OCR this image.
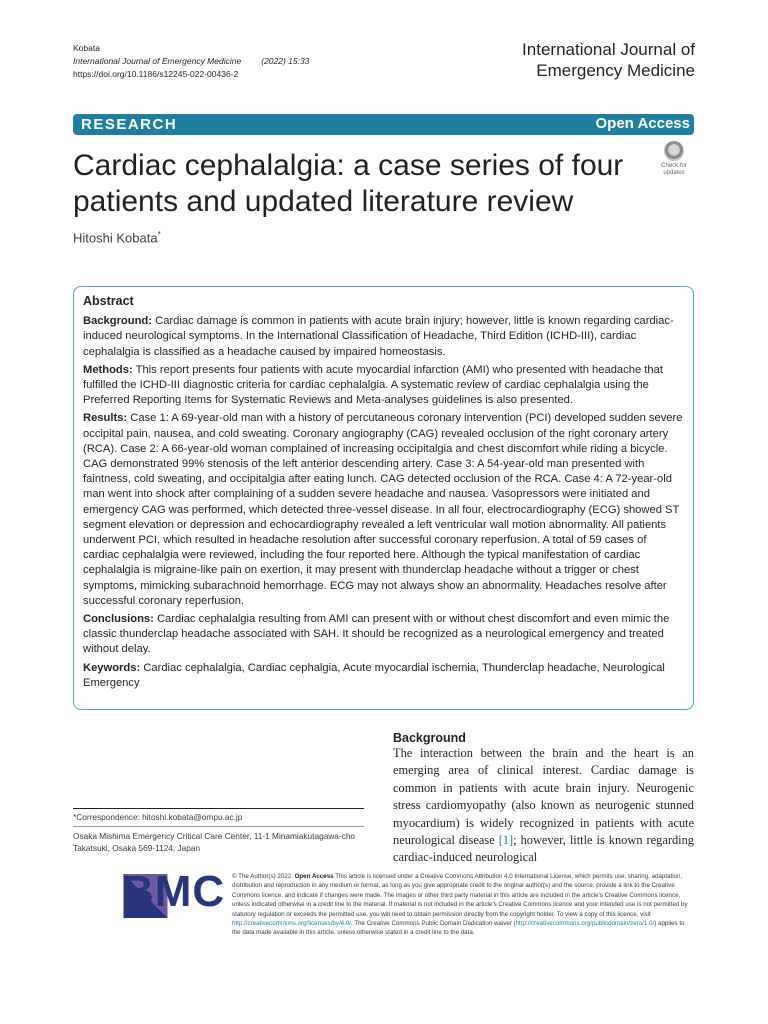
Kobata
International Journal of Emergency Medicine (2022) 15:33
https://doi.org/10.1186/s12245-022-00436-2
International Journal of
Emergency Medicine
RESEARCH	Open Access
Cardiac cephalalgia: a case series of four
patients and updated literature review
Check for
updates
Hitoshi Kobata*
Abstract

Background: Cardiac damage is common in patients with acute brain injury; however, little is known regarding cardiac-induced neurological symptoms. In the International Classification of Headache, Third Edition (ICHD-III), cardiac cephalalgia is classified as a headache caused by impaired homeostasis.

Methods: This report presents four patients with acute myocardial infarction (AMI) who presented with headache that fulfilled the ICHD-III diagnostic criteria for cardiac cephalalgia. A systematic review of cardiac cephalalgia using the Preferred Reporting Items for Systematic Reviews and Meta-analyses guidelines is also presented.

Results: Case 1: A 69-year-old man with a history of percutaneous coronary intervention (PCI) developed sudden severe occipital pain, nausea, and cold sweating. Coronary angiography (CAG) revealed occlusion of the right coronary artery (RCA). Case 2: A 66-year-old woman complained of increasing occipitalgia and chest discomfort while riding a bicycle. CAG demonstrated 99% stenosis of the left anterior descending artery. Case 3: A 54-year-old man presented with faintness, cold sweating, and occipitalgia after eating lunch. CAG detected occlusion of the RCA. Case 4: A 72-year-old man went into shock after complaining of a sudden severe headache and nausea. Vasopressors were initiated and emergency CAG was performed, which detected three-vessel disease. In all four, electrocardiography (ECG) showed ST segment elevation or depression and echocardiography revealed a left ventricular wall motion abnormality. All patients underwent PCI, which resulted in headache resolution after successful coronary reperfusion. A total of 59 cases of cardiac cephalalgia were reviewed, including the four reported here. Although the typical manifestation of cardiac cephalalgia is migraine-like pain on exertion, it may present with thunderclap headache without a trigger or chest symptoms, mimicking subarachnoid hemorrhage. ECG may not always show an abnormality. Headaches resolve after successful coronary reperfusion.

Conclusions: Cardiac cephalalgia resulting from AMI can present with or without chest discomfort and even mimic the classic thunderclap headache associated with SAH. It should be recognized as a neurological emergency and treated without delay.

Keywords: Cardiac cephalalgia, Cardiac cephalgia, Acute myocardial ischemia, Thunderclap headache, Neurological Emergency

Background
The interaction between the brain and the heart is an emerging area of clinical interest. Cardiac damage is common in patients with acute brain injury. Neurogenic stress cardiomyopathy (also known as neurogenic stunned myocardium) is widely recognized in patients with acute neurological disease [1]; however, little is known regarding cardiac-induced neurological
*Correspondence: hitoshi.kobata@ompu.ac.jp
Osaka Mishima Emergency Critical Care Center, 11-1 Minamiakutagawa-cho
Takatsuki, Osaka 569-1124, Japan
BMC © The Author(s) 2022. Open Access This article is licensed under a Creative Commons Attribution 4.0 International License, which permits use, sharing, adaptation, distribution and reproduction in any medium or format, as long as you give appropriate credit to the original author(s) and the source, provide a link to the Creative Commons licence, and indicate if changes were made. The images or other third party material in this article are included in the article’s Creative Commons licence, unless indicated otherwise in a credit line to the material. If material is not included in the article’s Creative Commons licence and your intended use is not permitted by statutory regulation or exceeds the permitted use, you will need to obtain permission directly from the copyright holder. To view a copy of this licence, visit http://creativecommons.org/licenses/by/4.0/. The Creative Commons Public Domain Dedication waiver (http://creativecommons.org/publicdomain/zero/1.0/) applies to the data made available in this article, unless otherwise stated in a credit line to the data.
